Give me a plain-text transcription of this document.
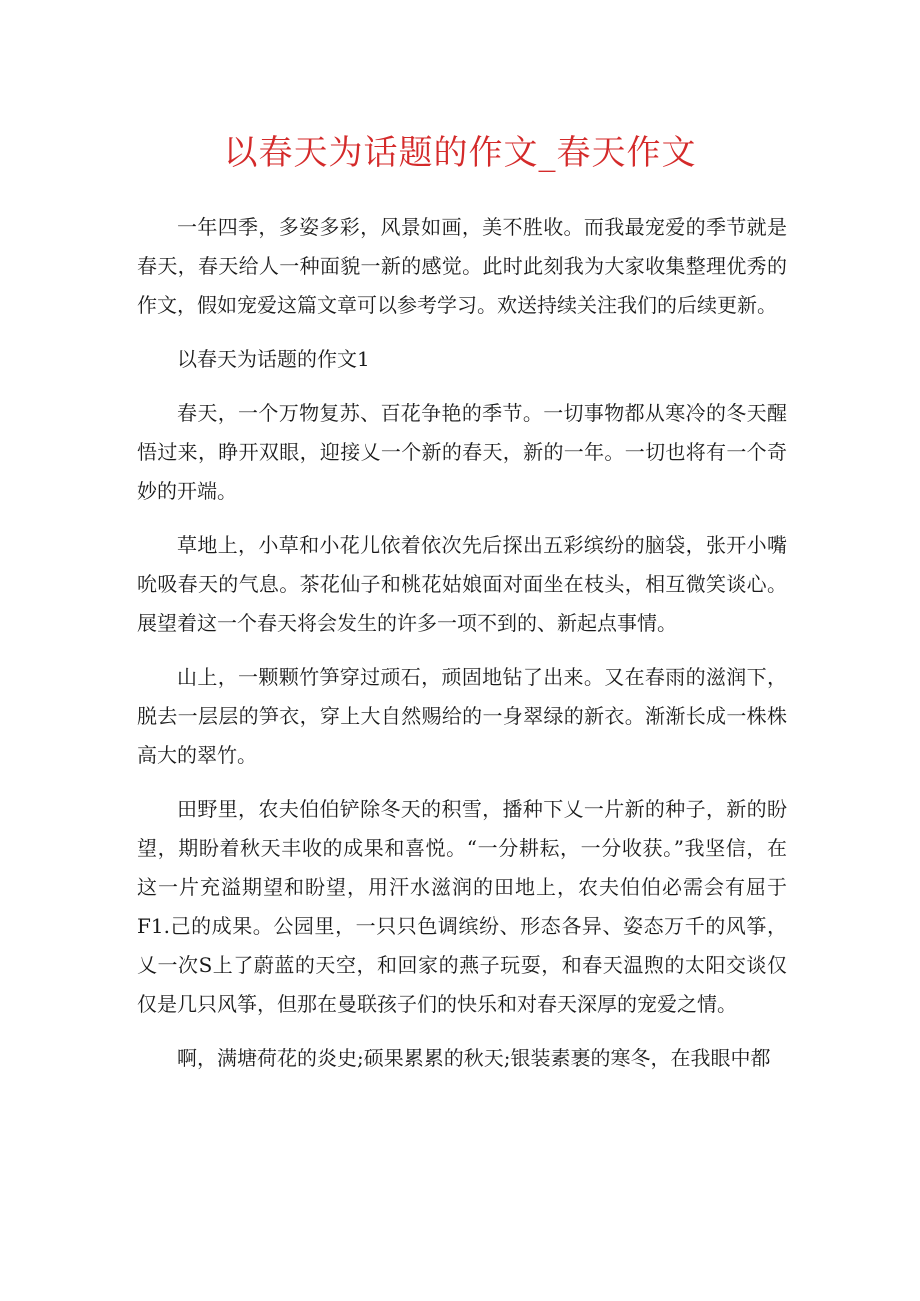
以春天为话题的作文_春天作文

一年四季，多姿多彩，风景如画，美不胜收。而我最宠爱的季节就是春天，春天给人一种面貌一新的感觉。此时此刻我为大家收集整理优秀的作文，假如宠爱这篇文章可以参考学习。欢送持续关注我们的后续更新。

以春天为话题的作文1

春天，一个万物复苏、百花争艳的季节。一切事物都从寒冷的冬天醒悟过来，睁开双眼，迎接乂一个新的春天，新的一年。一切也将有一个奇妙的开端。

草地上，小草和小花儿依着依次先后探出五彩缤纷的脑袋，张开小嘴吮吸春天的气息。茶花仙子和桃花姑娘面对面坐在枝头，相互微笑谈心。展望着这一个春天将会发生的许多一项不到的、新起点事情。

山上，一颗颗竹笋穿过顽石，顽固地钻了出来。又在春雨的滋润下，脱去一层层的笋衣，穿上大自然赐给的一身翠绿的新衣。渐渐长成一株株高大的翠竹。

田野里，农夫伯伯铲除冬天的积雪，播种下乂一片新的种子，新的盼望，期盼着秋天丰收的成果和喜悦。“一分耕耘，一分收获。”我坚信，在这一片充溢期望和盼望，用汗水滋润的田地上，农夫伯伯必需会有屈于F1.己的成果。公园里，一只只色调缤纷、形态各异、姿态万千的风筝，乂一次S上了蔚蓝的天空，和回家的燕子玩耍，和春天温煦的太阳交谈仅仅是几只风筝，但那在曼联孩子们的快乐和对春天深厚的宠爱之情。

啊，满塘荷花的炎史;硕果累累的秋天;银装素裹的寒冬，在我眼中都
